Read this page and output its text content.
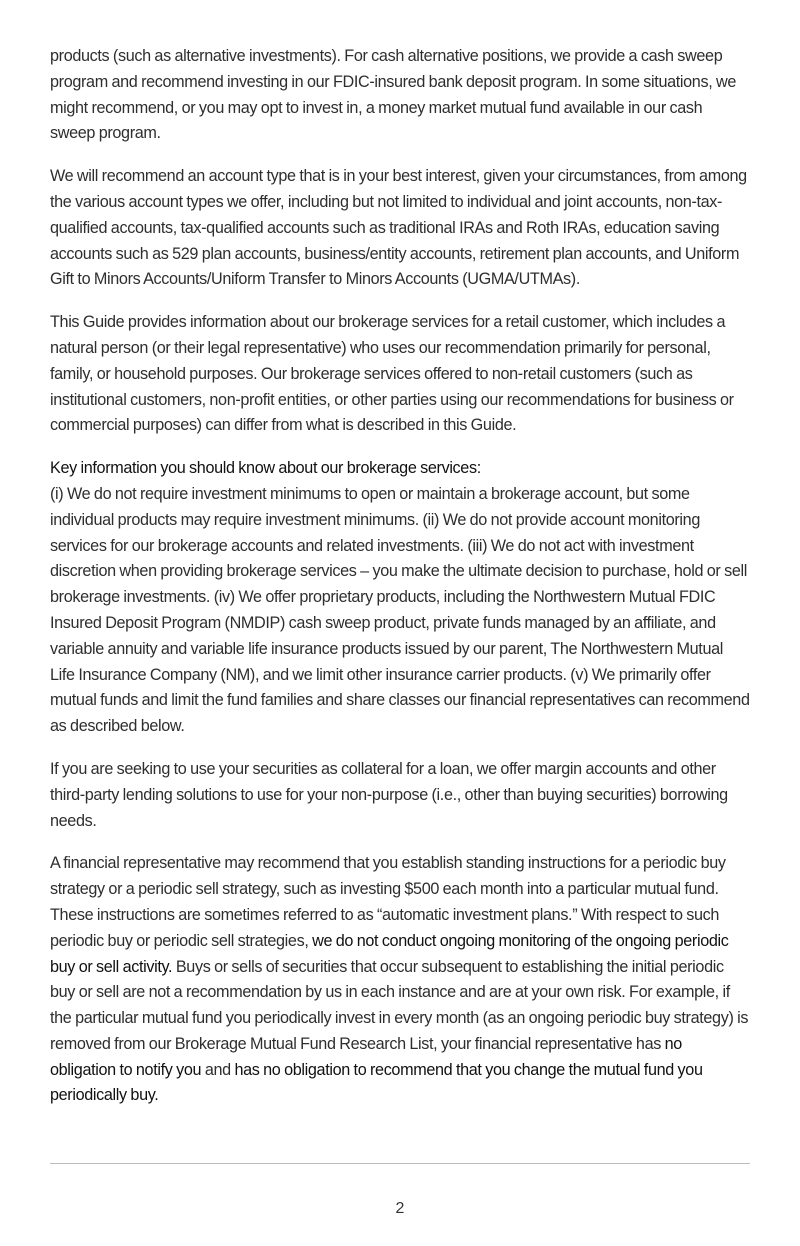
products (such as alternative investments). For cash alternative positions, we provide a cash sweep program and recommend investing in our FDIC-insured bank deposit program. In some situations, we might recommend, or you may opt to invest in, a money market mutual fund available in our cash sweep program.

We will recommend an account type that is in your best interest, given your circumstances, from among the various account types we offer, including but not limited to individual and joint accounts, non-tax-qualified accounts, tax-qualified accounts such as traditional IRAs and Roth IRAs, education saving accounts such as 529 plan accounts, business/entity accounts, retirement plan accounts, and Uniform Gift to Minors Accounts/Uniform Transfer to Minors Accounts (UGMA/UTMAs).

This Guide provides information about our brokerage services for a retail customer, which includes a natural person (or their legal representative) who uses our recommendation primarily for personal, family, or household purposes. Our brokerage services offered to non-retail customers (such as institutional customers, non-profit entities, or other parties using our recommendations for business or commercial purposes) can differ from what is described in this Guide.

Key information you should know about our brokerage services:
(i) We do not require investment minimums to open or maintain a brokerage account, but some individual products may require investment minimums. (ii) We do not provide account monitoring services for our brokerage accounts and related investments. (iii) We do not act with investment discretion when providing brokerage services – you make the ultimate decision to purchase, hold or sell brokerage investments. (iv) We offer proprietary products, including the Northwestern Mutual FDIC Insured Deposit Program (NMDIP) cash sweep product, private funds managed by an affiliate, and variable annuity and variable life insurance products issued by our parent, The Northwestern Mutual Life Insurance Company (NM), and we limit other insurance carrier products. (v) We primarily offer mutual funds and limit the fund families and share classes our financial representatives can recommend as described below.

If you are seeking to use your securities as collateral for a loan, we offer margin accounts and other third-party lending solutions to use for your non-purpose (i.e., other than buying securities) borrowing needs.

A financial representative may recommend that you establish standing instructions for a periodic buy strategy or a periodic sell strategy, such as investing $500 each month into a particular mutual fund. These instructions are sometimes referred to as “automatic investment plans.” With respect to such periodic buy or periodic sell strategies, we do not conduct ongoing monitoring of the ongoing periodic buy or sell activity. Buys or sells of securities that occur subsequent to establishing the initial periodic buy or sell are not a recommendation by us in each instance and are at your own risk. For example, if the particular mutual fund you periodically invest in every month (as an ongoing periodic buy strategy) is removed from our Brokerage Mutual Fund Research List, your financial representative has no obligation to notify you and has no obligation to recommend that you change the mutual fund you periodically buy.

2
